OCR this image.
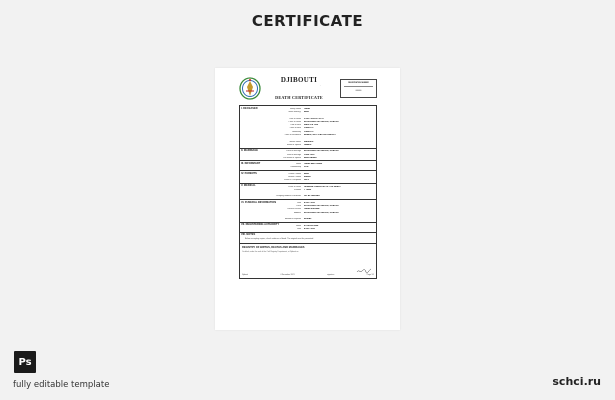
CERTIFICATE
DJIBOUTI
MINISTÈRE DE L'INTÉRIEUR — DIRECTION DE L'ÉTAT CIVIL — RÉPUBLIQUE DE DJIBOUTI
DEATH CERTIFICATE
REGISTRATION NUMBER
000000
I. DECEASED	Family Name	OMAR
Given Name(s)	ABDI
Date of Death	2 DEC 2020 AT 20:15
Place of Death	BOULEVARD DE GAULLE, DJIBOUTI
Date of Birth	MARCH 4 1936
Place of Birth	DJIBOUTI
Nationality	DJIBOUTI
Place of Residence	AHMED, 0001 STATION DJIBOUTI
Marital Status	MARRIED
Name of Spouse	HAMED
II. MARRIAGE	Place of Marriage	BOULEVARD DE GAULLE, DJIBOUTI
Date of Marriage	JUNE 1999
Full Name of Spouse	ABDI HAMED
III. INFORMANT	Name	OMAR ABDI OMAR
Relationship	SON
IV. PARENTS	Father's Name	ABDI
Mother's Name	AMINA
Father's Occupation	SELF
V. MEDICAL	Cause of Death	GENERAL PARALYSIS OF THE HEART
Duration	1 YEAR
Certifying Medical Practitioner	DR. AL HASSAN
VI. FUNERAL INFORMATION	Date	4 DEC 2020
Place	BOULEVARD DE GAULLE, DJIBOUTI
Funeral Director	OMAR BURHAN
Address	BOULEVARD DE GAULLE, DJIBOUTI
Method of Disposal	BURIAL
VII. REGISTERING AUTHORITY	Name	A. REGISTRAR
Date	4 DEC 2020
VIII. NOTES
Before accepting copies, check evidence of deed. The original must be presented.
REGISTRY OF BIRTHS, DEATHS AND MARRIAGES
Certified, under the seal of the Civil Registry Department, at Djibouti on
Djibouti	4 December 2021	signature	Page 1/1
Ps
fully editable template	schci.ru
